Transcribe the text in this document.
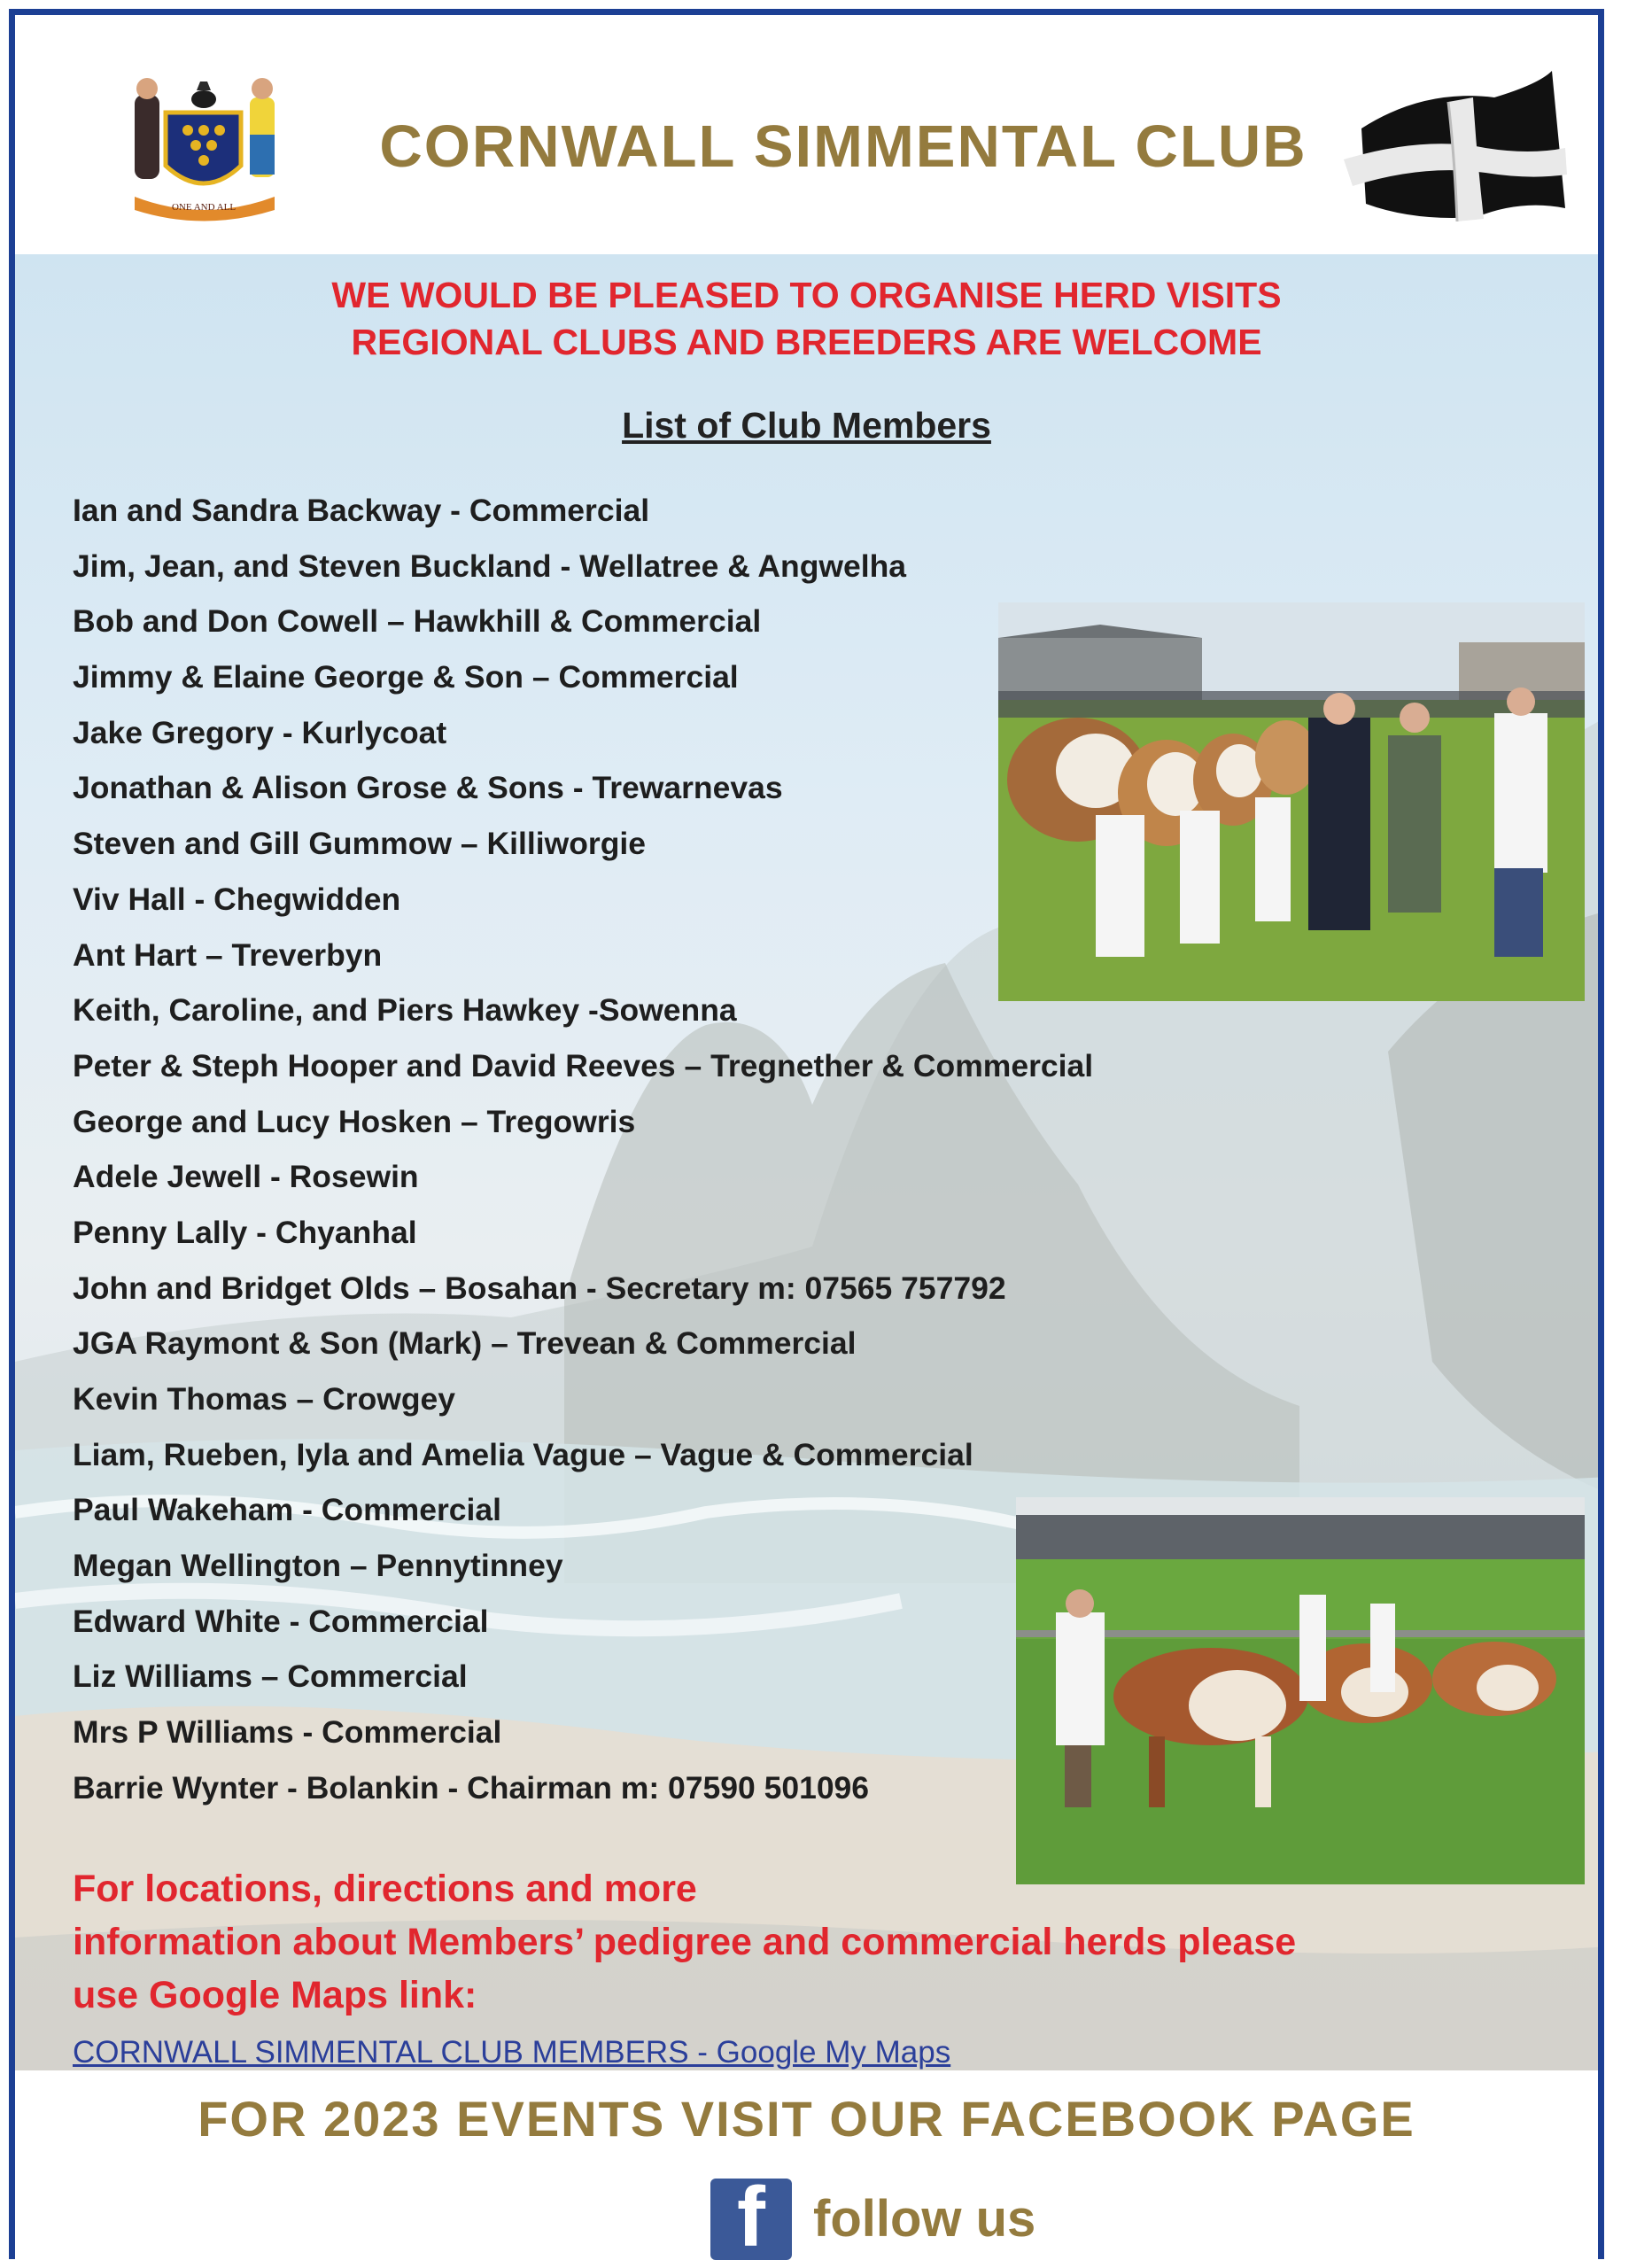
ONE AND ALL
CORNWALL SIMMENTAL CLUB
WE WOULD BE PLEASED TO ORGANISE HERD VISITS
REGIONAL CLUBS AND BREEDERS ARE WELCOME
List of Club Members
Ian and Sandra Backway - Commercial
Jim, Jean, and Steven Buckland - Wellatree & Angwelha
Bob and Don Cowell – Hawkhill & Commercial
Jimmy & Elaine George & Son – Commercial
Jake Gregory - Kurlycoat
Jonathan & Alison Grose & Sons - Trewarnevas
Steven and Gill Gummow – Killiworgie
Viv Hall - Chegwidden
Ant Hart – Treverbyn
Keith, Caroline, and Piers Hawkey -Sowenna
Peter & Steph Hooper and David Reeves – Tregnether & Commercial
George and Lucy Hosken – Tregowris
Adele Jewell - Rosewin
Penny Lally - Chyanhal
John and Bridget Olds – Bosahan - Secretary m: 07565 757792
JGA Raymont & Son (Mark) – Trevean & Commercial
Kevin Thomas – Crowgey
Liam, Rueben, Iyla and Amelia Vague – Vague & Commercial
Paul Wakeham - Commercial
Megan Wellington – Pennytinney
Edward White - Commercial
Liz Williams – Commercial
Mrs P Williams - Commercial
Barrie Wynter - Bolankin - Chairman m: 07590 501096
For locations, directions and more
information about Members’ pedigree and commercial herds please
use Google Maps link:
CORNWALL SIMMENTAL CLUB MEMBERS - Google My Maps
FOR 2023 EVENTS VISIT OUR FACEBOOK PAGE
f follow us
